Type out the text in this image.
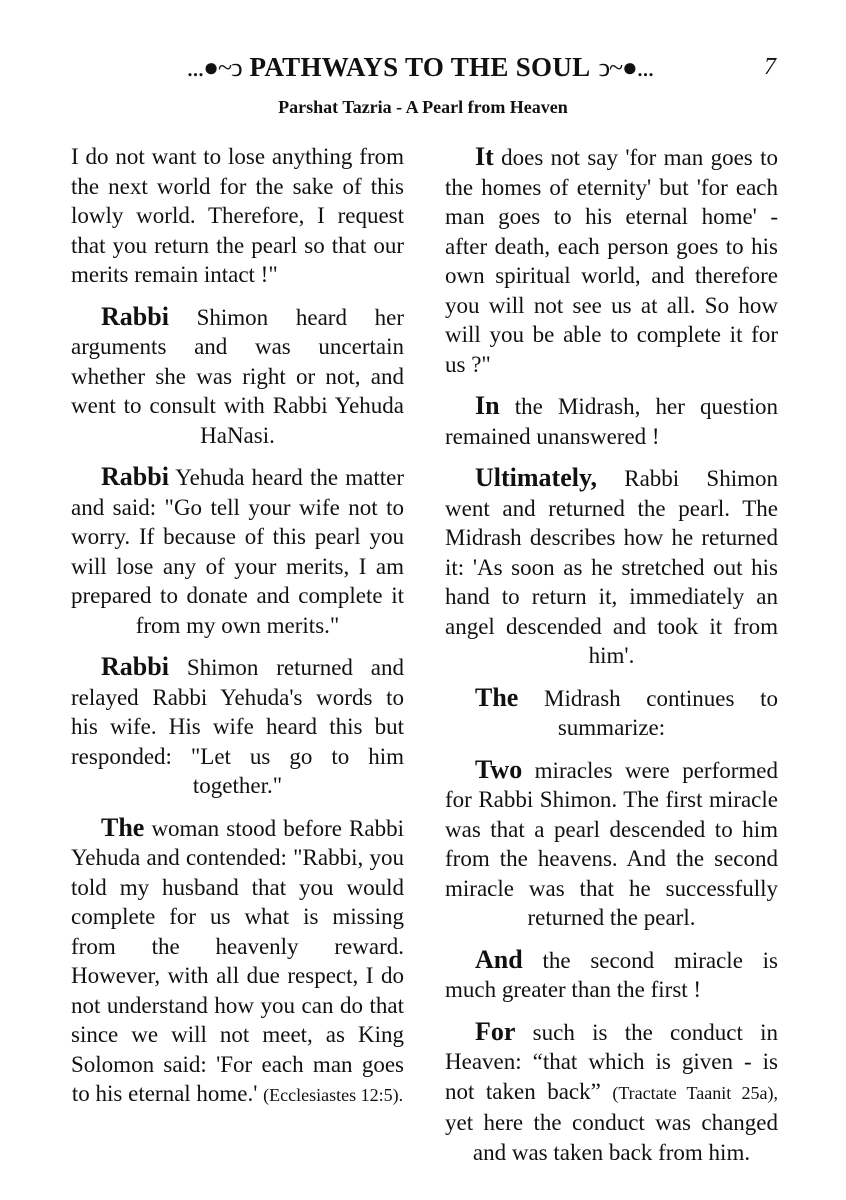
...●~ↄ PATHWAYS TO THE SOUL ↄ~●...	7
Parshat Tazria - A Pearl from Heaven

I do not want to lose anything from the next world for the sake of this lowly world. Therefore, I request that you return the pearl so that our merits remain intact !"

Rabbi Shimon heard her arguments and was uncertain whether she was right or not, and went to consult with Rabbi Yehuda HaNasi.

Rabbi Yehuda heard the matter and said: "Go tell your wife not to worry. If because of this pearl you will lose any of your merits, I am prepared to donate and complete it from my own merits."

Rabbi Shimon returned and relayed Rabbi Yehuda's words to his wife. His wife heard this but responded: "Let us go to him together."

The woman stood before Rabbi Yehuda and contended: "Rabbi, you told my husband that you would complete for us what is missing from the heavenly reward. However, with all due respect, I do not understand how you can do that since we will not meet, as King Solomon said: 'For each man goes to his eternal home.' (Ecclesiastes 12:5).

It does not say 'for man goes to the homes of eternity' but 'for each man goes to his eternal home' - after death, each person goes to his own spiritual world, and therefore you will not see us at all. So how will you be able to complete it for us ?"

In the Midrash, her question remained unanswered !

Ultimately, Rabbi Shimon went and returned the pearl. The Midrash describes how he returned it: 'As soon as he stretched out his hand to return it, immediately an angel descended and took it from him'.

The Midrash continues to summarize:

Two miracles were performed for Rabbi Shimon. The first miracle was that a pearl descended to him from the heavens. And the second miracle was that he successfully returned the pearl.

And the second miracle is much greater than the first !

For such is the conduct in Heaven: “that which is given - is not taken back” (Tractate Taanit 25a), yet here the conduct was changed and was taken back from him.
